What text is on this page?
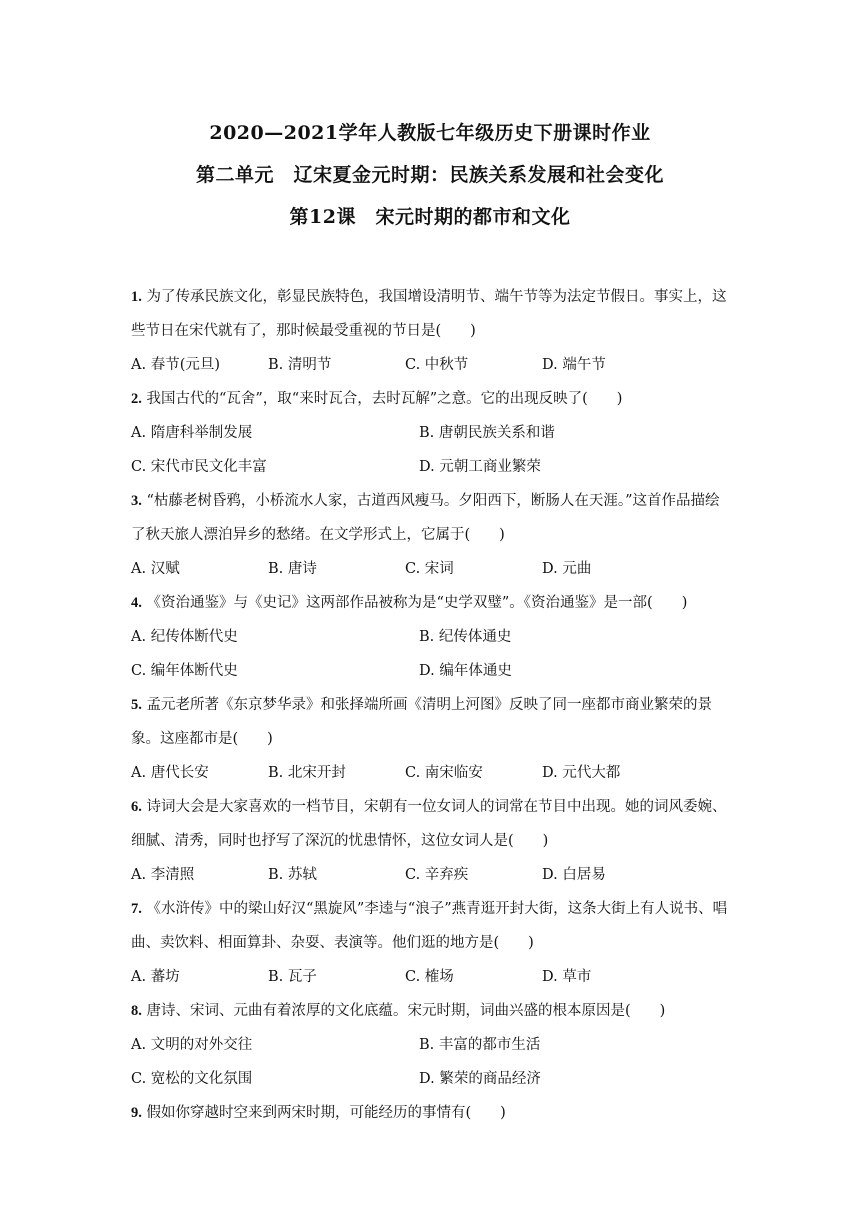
2020—2021学年人教版七年级历史下册课时作业
第二单元　辽宋夏金元时期：民族关系发展和社会变化
第12课　宋元时期的都市和文化
1. 为了传承民族文化，彰显民族特色，我国增设清明节、端午节等为法定节假日。事实上，这些节日在宋代就有了，那时候最受重视的节日是(　　)
A. 春节(元旦)	B. 清明节	C. 中秋节	D. 端午节
2. 我国古代的“瓦舍”，取“来时瓦合，去时瓦解”之意。它的出现反映了(　　)
A. 隋唐科举制发展	B. 唐朝民族关系和谐
C. 宋代市民文化丰富	D. 元朝工商业繁荣
3. “枯藤老树昏鸦，小桥流水人家，古道西风瘦马。夕阳西下，断肠人在天涯。”这首作品描绘了秋天旅人漂泊异乡的愁绪。在文学形式上，它属于(　　)
A. 汉赋	B. 唐诗	C. 宋词	D. 元曲
4. 《资治通鉴》与《史记》这两部作品被称为是“史学双璧”。《资治通鉴》是一部(　　)
A. 纪传体断代史	B. 纪传体通史
C. 编年体断代史	D. 编年体通史
5. 孟元老所著《东京梦华录》和张择端所画《清明上河图》反映了同一座都市商业繁荣的景象。这座都市是(　　)
A. 唐代长安	B. 北宋开封	C. 南宋临安	D. 元代大都
6. 诗词大会是大家喜欢的一档节目，宋朝有一位女词人的词常在节目中出现。她的词风委婉、细腻、清秀，同时也抒写了深沉的忧患情怀，这位女词人是(　　)
A. 李清照	B. 苏轼	C. 辛弃疾	D. 白居易
7. 《水浒传》中的梁山好汉“黑旋风”李逵与“浪子”燕青逛开封大街，这条大街上有人说书、唱曲、卖饮料、相面算卦、杂耍、表演等。他们逛的地方是(　　)
A. 蕃坊	B. 瓦子	C. 榷场	D. 草市
8. 唐诗、宋词、元曲有着浓厚的文化底蕴。宋元时期，词曲兴盛的根本原因是(　　)
A. 文明的对外交往	B. 丰富的都市生活
C. 宽松的文化氛围	D. 繁荣的商品经济
9. 假如你穿越时空来到两宋时期，可能经历的事情有(　　)
